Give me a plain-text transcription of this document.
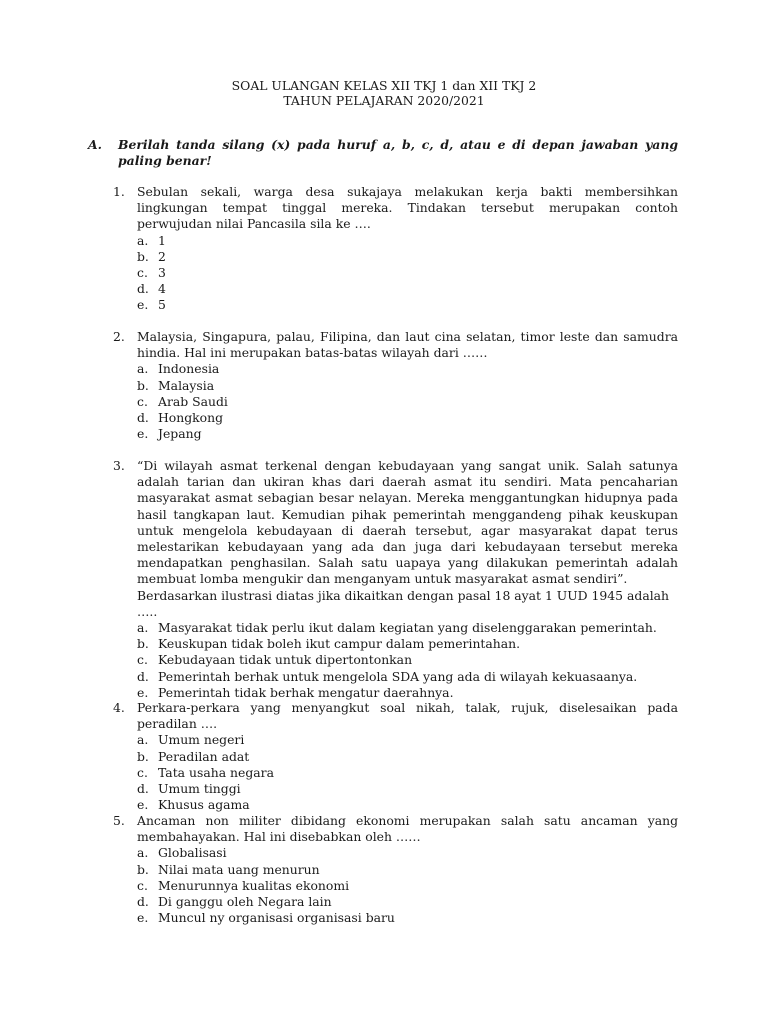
SOAL ULANGAN KELAS XII TKJ 1 dan XII TKJ 2
TAHUN PELAJARAN 2020/2021
A. Berilah tanda silang (x) pada huruf a, b, c, d, atau e di depan jawaban yang paling benar!
1. Sebulan sekali, warga desa sukajaya melakukan kerja bakti membersihkan lingkungan tempat tinggal mereka. Tindakan tersebut merupakan contoh perwujudan nilai Pancasila sila ke ….
a. 1
b. 2
c. 3
d. 4
e. 5
2. Malaysia, Singapura, palau, Filipina, dan laut cina selatan, timor leste dan samudra hindia. Hal ini merupakan batas-batas wilayah dari ……
a. Indonesia
b. Malaysia
c. Arab Saudi
d. Hongkong
e. Jepang
3. “Di wilayah asmat terkenal dengan kebudayaan yang sangat unik. Salah satunya adalah tarian dan ukiran khas dari daerah asmat itu sendiri. Mata pencaharian masyarakat asmat sebagian besar nelayan. Mereka menggantungkan hidupnya pada hasil tangkapan laut. Kemudian pihak pemerintah menggandeng pihak keuskupan untuk mengelola kebudayaan di daerah tersebut, agar masyarakat dapat terus melestarikan kebudayaan yang ada dan juga dari kebudayaan tersebut mereka mendapatkan penghasilan. Salah satu uapaya yang dilakukan pemerintah adalah membuat lomba mengukir dan menganyam untuk masyarakat asmat sendiri”.
Berdasarkan ilustrasi diatas jika dikaitkan dengan pasal 18 ayat 1 UUD 1945 adalah …..
a. Masyarakat tidak perlu ikut dalam kegiatan yang diselenggarakan pemerintah.
b. Keuskupan tidak boleh ikut campur dalam pemerintahan.
c. Kebudayaan tidak untuk dipertontonkan
d. Pemerintah berhak untuk mengelola SDA yang ada di wilayah kekuasaanya.
e. Pemerintah tidak berhak mengatur daerahnya.
4. Perkara-perkara yang menyangkut soal nikah, talak, rujuk, diselesaikan pada peradilan ….
a. Umum negeri
b. Peradilan adat
c. Tata usaha negara
d. Umum tinggi
e. Khusus agama
5. Ancaman non militer dibidang ekonomi merupakan salah satu ancaman yang membahayakan. Hal ini disebabkan oleh ……
a. Globalisasi
b. Nilai mata uang menurun
c. Menurunnya kualitas ekonomi
d. Di ganggu oleh Negara lain
e. Muncul ny organisasi organisasi baru
